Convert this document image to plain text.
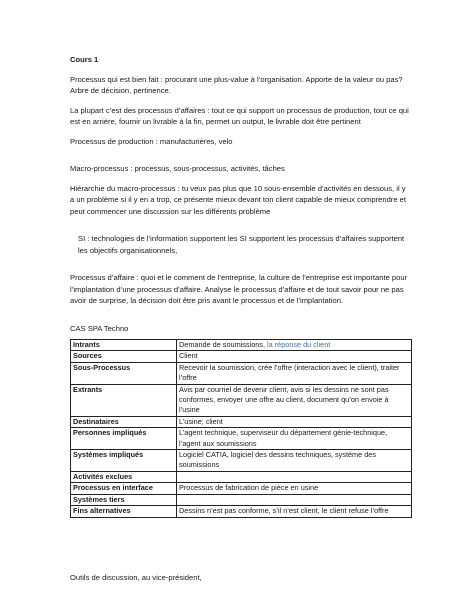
Cours 1

Processus qui est bien fait : procurant une plus-value à l’organisation. Apporte de la valeur ou pas? Arbre de décision, pertinence.

La plupart c’est des processus d’affaires : tout ce qui support un processus de production, tout ce qui est en arrière, fournir un livrable à la fin, permet un output, le livrable doit être pertinent

Processus de production : manufacturières, velo

Macro-processus : processus, sous-processus, activités, tâches

Hiérarchie du macro-processus : tu veux pas plus que 10 sous-ensemble d’activités en dessous, il y a un problème si il y en a trop, ce présente mieux devant ton client capable de mieux comprendre et peut commencer une discussion sur les différents problème

SI : technologies de l’information supportent les SI supportent les processus d’affaires supportent les objectifs organisationnels,

Processus d’affaire : quoi et le comment de l’entreprise, la culture de l’entreprise est importante pour l’implantation d’une processus d’affaire. Analyse le processus d’affaire et de tout savoir pour ne pas avoir de surprise, la décision doit être pris avant le processus et de l’implantation.

CAS SPA Techno

Intrants	Demande de soumissions, la réponse du client
Sources	Client
Sous-Processus	Recevoir la soumission, crée l’offre (interaction avec le client), traiter l’offre
Extrants	Avis par courriel de devenir client, avis si les dessins ne sont pas conformes, envoyer une offre au client, document qu’on envoie à l’usine
Destinataires	L’usine; client
Personnes impliqués	L’agent technique, superviseur du département génie-technique, l’agent aux soumissions
Systèmes impliqués	Logiciel CATIA, logiciel des dessins techniques, système des soumissions
Activités exclues	
Processus en interface	Processus de fabrication de pièce en usine
Systèmes tiers	
Fins alternatives	Dessins n’est pas conforme, s’il n’est client, le client refuse l’offre
Outils de discussion, au vice-président,
